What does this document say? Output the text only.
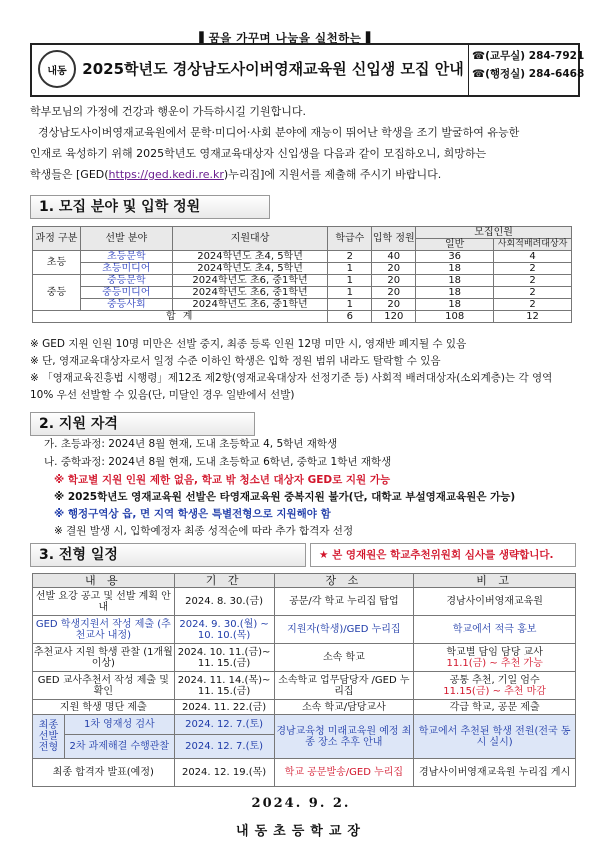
▌꿈을 가꾸며 나눔을 실천하는▐
내동 2025학년도 경상남도사이버영재교육원 신입생 모집 안내
☎(교무실) 284-7921
☎(행정실) 284-6468
학부모님의 가정에 건강과 행운이 가득하시길 기원합니다.
경상남도사이버영재교육원에서 문학·미디어·사회 분야에 재능이 뛰어난 학생을 조기 발굴하여 유능한
인재로 육성하기 위해 2025학년도 영재교육대상자 신입생을 다음과 같이 모집하오니, 희망하는
학생들은 [GED(https://ged.kedi.re.kr)누리집]에 지원서를 제출해 주시기 바랍니다.
1. 모집 분야 및 입학 정원
과정 구분	선발 분야	지원대상	학급수	입학 정원	모집인원	
					일반	사회적배려대상자
초등	초등문학	2024학년도 초4, 5학년	2	40	36	4
	초등미디어	2024학년도 초4, 5학년	1	20	18	2
중등	중등문학	2024학년도 초6, 중1학년	1	20	18	2
	중등미디어	2024학년도 초6, 중1학년	1	20	18	2
	중등사회	2024학년도 초6, 중1학년	1	20	18	2
합 계			6	120	108	12
※ GED 지원 인원 10명 미만은 선발 중지, 최종 등록 인원 12명 미만 시, 영재반 폐지될 수 있음
※ 단, 영재교육대상자로서 일정 수준 이하인 학생은 입학 정원 범위 내라도 탈락할 수 있음
※ 「영재교육진흥법 시행령」제12조 제2항(영재교육대상자 선정기준 등) 사회적 배려대상자(소외계층)는 각 영역
10% 우선 선발할 수 있음(단, 미달인 경우 일반에서 선발)
2. 지원 자격
가. 초등과정: 2024년 8월 현재, 도내 초등학교 4, 5학년 재학생
나. 중학과정: 2024년 8월 현재, 도내 초등학교 6학년, 중학교 1학년 재학생
※ 학교별 지원 인원 제한 없음, 학교 밖 청소년 대상자 GED로 지원 가능
※ 2025학년도 영재교육원 선발은 타영재교육원 중복지원 불가(단, 대학교 부설영재교육원은 가능)
※ 행정구역상 읍, 면 지역 학생은 특별전형으로 지원해야 함
※ 결원 발생 시, 입학예정자 최종 성적순에 따라 추가 합격자 선정
3. 전형 일정	★ 본 영재원은 학교추천위원회 심사를 생략합니다.
내 용		기 간	장 소	비 고
선발 요강 공고 및 선발 계획 안내		2024. 8. 30.(금)	공문/각 학교 누리집 탑업	경남사이버영재교육원
GED 학생지원서 작성 제출 (추천교사 내정)		2024. 9. 30.(월) ~ 10. 10.(목)	지원자(학생)/GED 누리집	학교에서 적극 홍보
추천교사 지원 학생 관찰 (1개월 이상)		2024. 10. 11.(금)~ 11. 15.(금)	소속 학교	학교별 담임 담당 교사
11.1(금) ~ 추천 가능

GED 교사추천서 작성 제출 및 확인		2024. 11. 14.(목)~ 11. 15.(금)	소속학교 업무담당자 /GED 누리집	공통 추천, 기일 엄수
11.15(금) ~ 추천 마감

지원 학생 명단 제출		2024. 11. 22.(금)	소속 학교/담당교사	각급 학교, 공문 제출
최종 선발 전형	1차 영재성 검사	2024. 12. 7.(토)	경남교육청 미래교육원 예정 최종 장소 추후 안내	학교에서 추천된 학생 전원(전국 동시 실시)
	2차 과제해결 수행관찰	2024. 12. 7.(토)		
최종 합격자 발표(예정)		2024. 12. 19.(목)	학교 공문발송/GED 누리집	경남사이버영재교육원 누리집 게시
2024. 9. 2.
내동초등학교장
